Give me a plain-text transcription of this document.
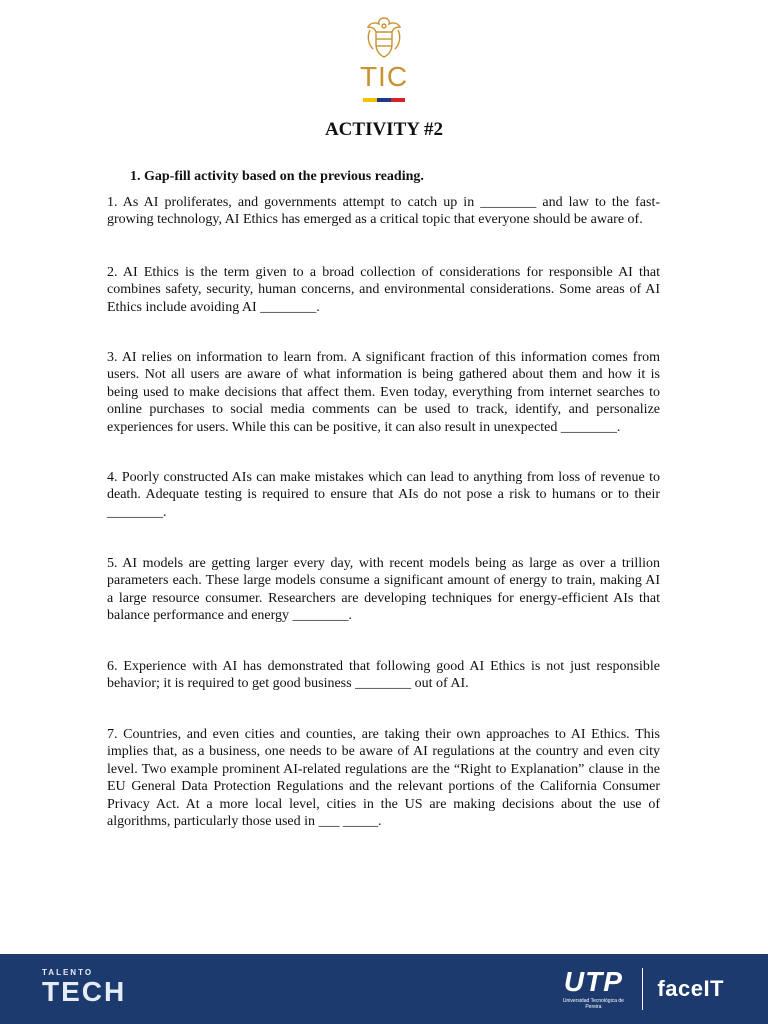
TIC
ACTIVITY #2
1. Gap-fill activity based on the previous reading.

1. As AI proliferates, and governments attempt to catch up in ________ and law to the fast-growing technology, AI Ethics has emerged as a critical topic that everyone should be aware of.

2. AI Ethics is the term given to a broad collection of considerations for responsible AI that combines safety, security, human concerns, and environmental considerations. Some areas of AI Ethics include avoiding AI ________.

3. AI relies on information to learn from. A significant fraction of this information comes from users. Not all users are aware of what information is being gathered about them and how it is being used to make decisions that affect them. Even today, everything from internet searches to online purchases to social media comments can be used to track, identify, and personalize experiences for users. While this can be positive, it can also result in unexpected ________.

4. Poorly constructed AIs can make mistakes which can lead to anything from loss of revenue to death. Adequate testing is required to ensure that AIs do not pose a risk to humans or to their ________.

5. AI models are getting larger every day, with recent models being as large as over a trillion parameters each. These large models consume a significant amount of energy to train, making AI a large resource consumer. Researchers are developing techniques for energy-efficient AIs that balance performance and energy ________.

6. Experience with AI has demonstrated that following good AI Ethics is not just responsible behavior; it is required to get good business ________ out of AI.

7. Countries, and even cities and counties, are taking their own approaches to AI Ethics. This implies that, as a business, one needs to be aware of AI regulations at the country and even city level. Two example prominent AI-related regulations are the “Right to Explanation” clause in the EU General Data Protection Regulations and the relevant portions of the California Consumer Privacy Act. At a more local level, cities in the US are making decisions about the use of algorithms, particularly those used in ___ _____.

TALENTO
TECH	UTP
Universidad Tecnológica de Pereira
faceIT
